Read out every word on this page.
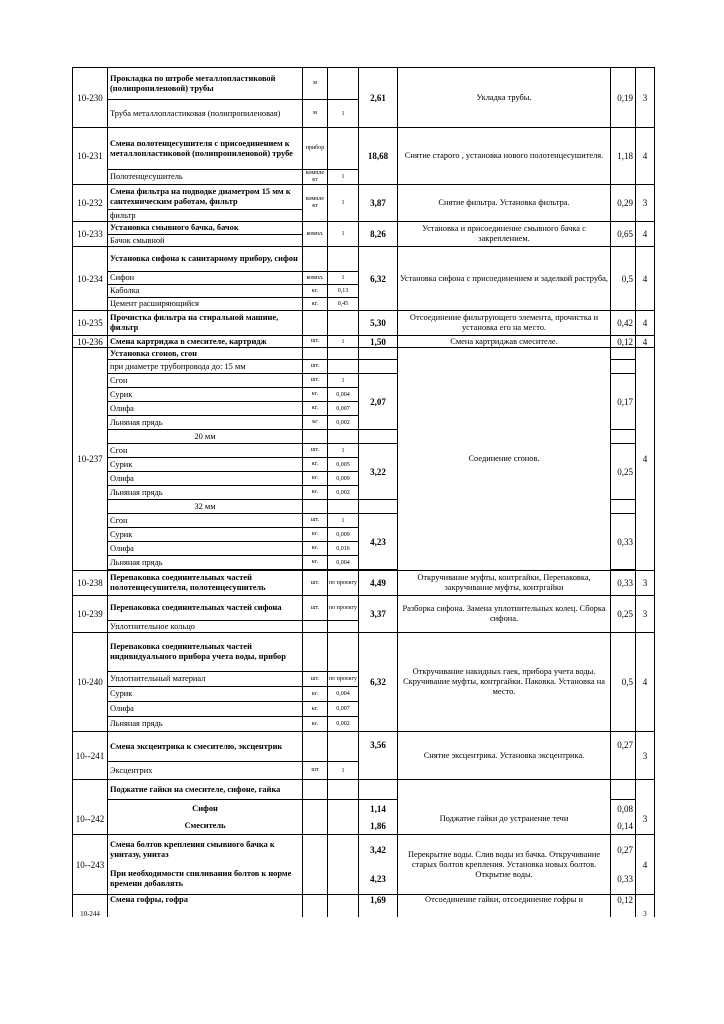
10-230	Прокладка по штробе металлопластиковой (полипропиленовой) трубы	м		2,61	Укладка трубы.	0,19	3
	Труба металлопластиковая (полипропиленовая)	м	1				
10-231	Смена полотенцесушителя с присоединением к металлопластиковой (полипропиленовой) трубе	прибор		18,68	Снятие старого , установка нового полотенцесушителя.	1,18	4
	Полотенцесушитель	компле кт	1				
10-232	Смена фильтра на подводке диаметром 15 мм к сантехническим работам, фильтр	компле кт	1	3,87	Снятие фильтра. Установка фильтра.	0,29	3
	фильтр						
10-233	Установка смывного бачка, бачок	компл.	1	8,26	Установка и присоединение смывного бачка с закреплением.	0,65	4
	Бачок смывной						
10-234	Установка сифона к санитарному прибору, сифон			6,32	Установка сифона с присоединением и заделкой раструба,	0,5	4
	Сифон	компл.	1				
	Каболка	кг.	0,13				
	Цемент расширяющийся	кг.	0,45				
10-235	Прочистка фильтра на стиральной машине, фильтр			5,30	Отсоединение фильтрующего элемента, прочистка и установка его на место.	0,42	4
10-236	Смена картриджа в смесителе, картридж	шт.	1	1,50	Смена картриджав смесителе.	0,12	4
10-237	Установка сгонов, сгон				Соединение сгонов.		4
	при диаметре трубопровода до: 15 мм	шт.					
	Сгон	шт.	1	2,07		0,17	
	Сурик	кг.	0,004				
	Олифа	кг.	0,007				
	Льняная прядь	кг	0,002				
	20 мм						
	Сгон	шт.	1	3,22		0,25	
	Сурик	кг.	0,005				
	Олифа	кг.	0,009				
	Льняная прядь	кг.	0,002				
	32 мм						
	Сгон	шт.	1	4,23		0,33	
	Сурик	кг.	0,009				
	Олифа	кг.	0,016				
	Льняная прядь	кг.	0,004				

10-238	Перепаковка соединительных частей полотенцесушителя, полотенцесушитель	шт.	по проекту	4,49	Откручивание муфты, контргайки, Перепаковка, закручивание муфты, контргайки	0,33	3
10-239	Перепаковка соединительных частей сифона	шт.	по проекту	3,37	Разборка сифона. Замена уплотнительных колец. Сборка сифона.	0,25	3
	Уплотнительное кольцо						
10-240	Перепаковка соединительных частей индивидуального прибора учета воды, прибор			6,32	Откручивание накидных гаек, прибора учета воды. Скручивание муфты, контргайки. Паковка. Установка на место.	0,5	4
	Уплотнительный материал	шт.	по проекту				
	Сурик	кг.	0,004				
	Олифа	кг.	0,007				
	Льняная прядь	кг.	0,002				
10--241	Смена эксцентрика к смесителю, эксцентрик			3,56	Снятие эксцентрика. Установка эксцентрика.	0,27	3
	Эксцентрих	шт	1				
10--242	Поджатие гайки на смесителе, сифоне, гайка				Поджатие гайки до устранение течи		3
	Сифон			1,14		0,08	
	Смеситель			1,86		0,14	
10--243	Смена болтов крепления смывного бачка к унитазу, унитаз			3,42	Перекрытие воды. Слив воды из бачка. Откручивание старых болтов крепления. Установка новых болтов. Открытие воды.	0,27	4
	При необходимости спиливания болтов к норме времени добавлять			4,23		0,33	
10-244	Смена гофры, гофра			1,69	Отсоединение гайки, отсоединение гофры и	0,12	3
